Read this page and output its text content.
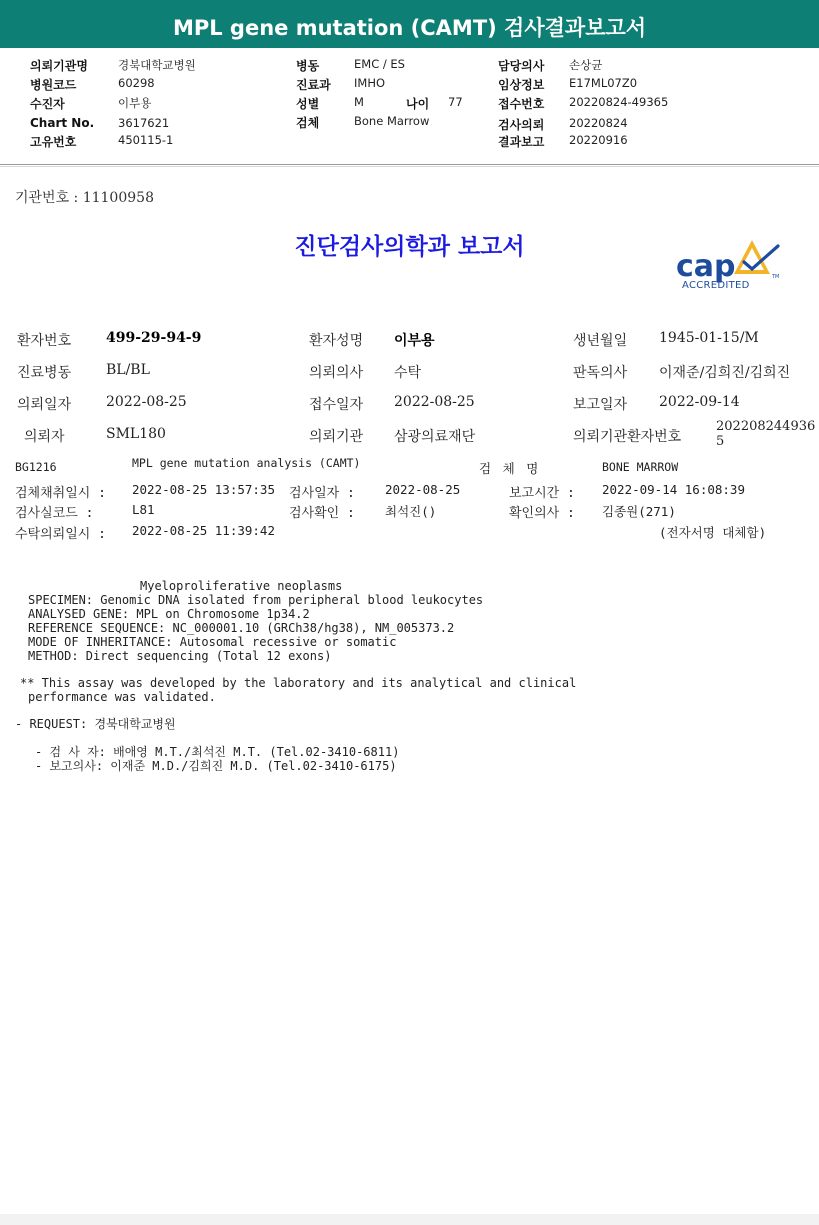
MPL gene mutation (CAMT) 검사결과보고서
의뢰기관명	경북대학교병원
병원코드	60298
수진자	이부용
Chart No. 3617621
고유번호	450115-1
병동	EMC / ES
진료과 IMHO
성별	M	나이 77
검체	Bone Marrow
담당의사 손상균
임상정보 E17ML07Z0
접수번호 20220824-49365
검사의뢰 20220824
결과보고 20220916
기관번호 : 11100958
진단검사의학과 보고서
cap	TM
ACCREDITED
환자번호 499-29-94-9	환자성명 이부용	생년월일 1945-01-15/M
진료병동 BL/BL	의뢰의사 수탁	판독의사 이재준/김희진/김희진
의뢰일자 2022-08-25	접수일자 2022-08-25	보고일자 2022-09-14
의뢰자	SML180	의뢰기관 삼광의료재단	의뢰기관환자번호
202208244936
5
BG1216	MPL gene mutation analysis (CAMT)	검 체 명	BONE MARROW
검체채취일시 : 2022-08-25 13:57:35 검사일자 : 2022-08-25	보고시간 : 2022-09-14 16:08:39
검사실코드 :	L81	검사확인 : 최석진()	확인의사 : 김종원(271)
수탁의뢰일시 : 2022-08-25 11:39:42	(전자서명 대체함)
Myeloproliferative neoplasms
SPECIMEN: Genomic DNA isolated from peripheral blood leukocytes
ANALYSED GENE: MPL on Chromosome 1p34.2
REFERENCE SEQUENCE: NC_000001.10 (GRCh38/hg38), NM_005373.2
MODE OF INHERITANCE: Autosomal recessive or somatic
METHOD: Direct sequencing (Total 12 exons)
** This assay was developed by the laboratory and its analytical and clinical
performance was validated.
- REQUEST: 경북대학교병원
- 검 사 자: 배애영 M.T./최석진 M.T. (Tel.02-3410-6811)
- 보고의사: 이재준 M.D./김희진 M.D. (Tel.02-3410-6175)
